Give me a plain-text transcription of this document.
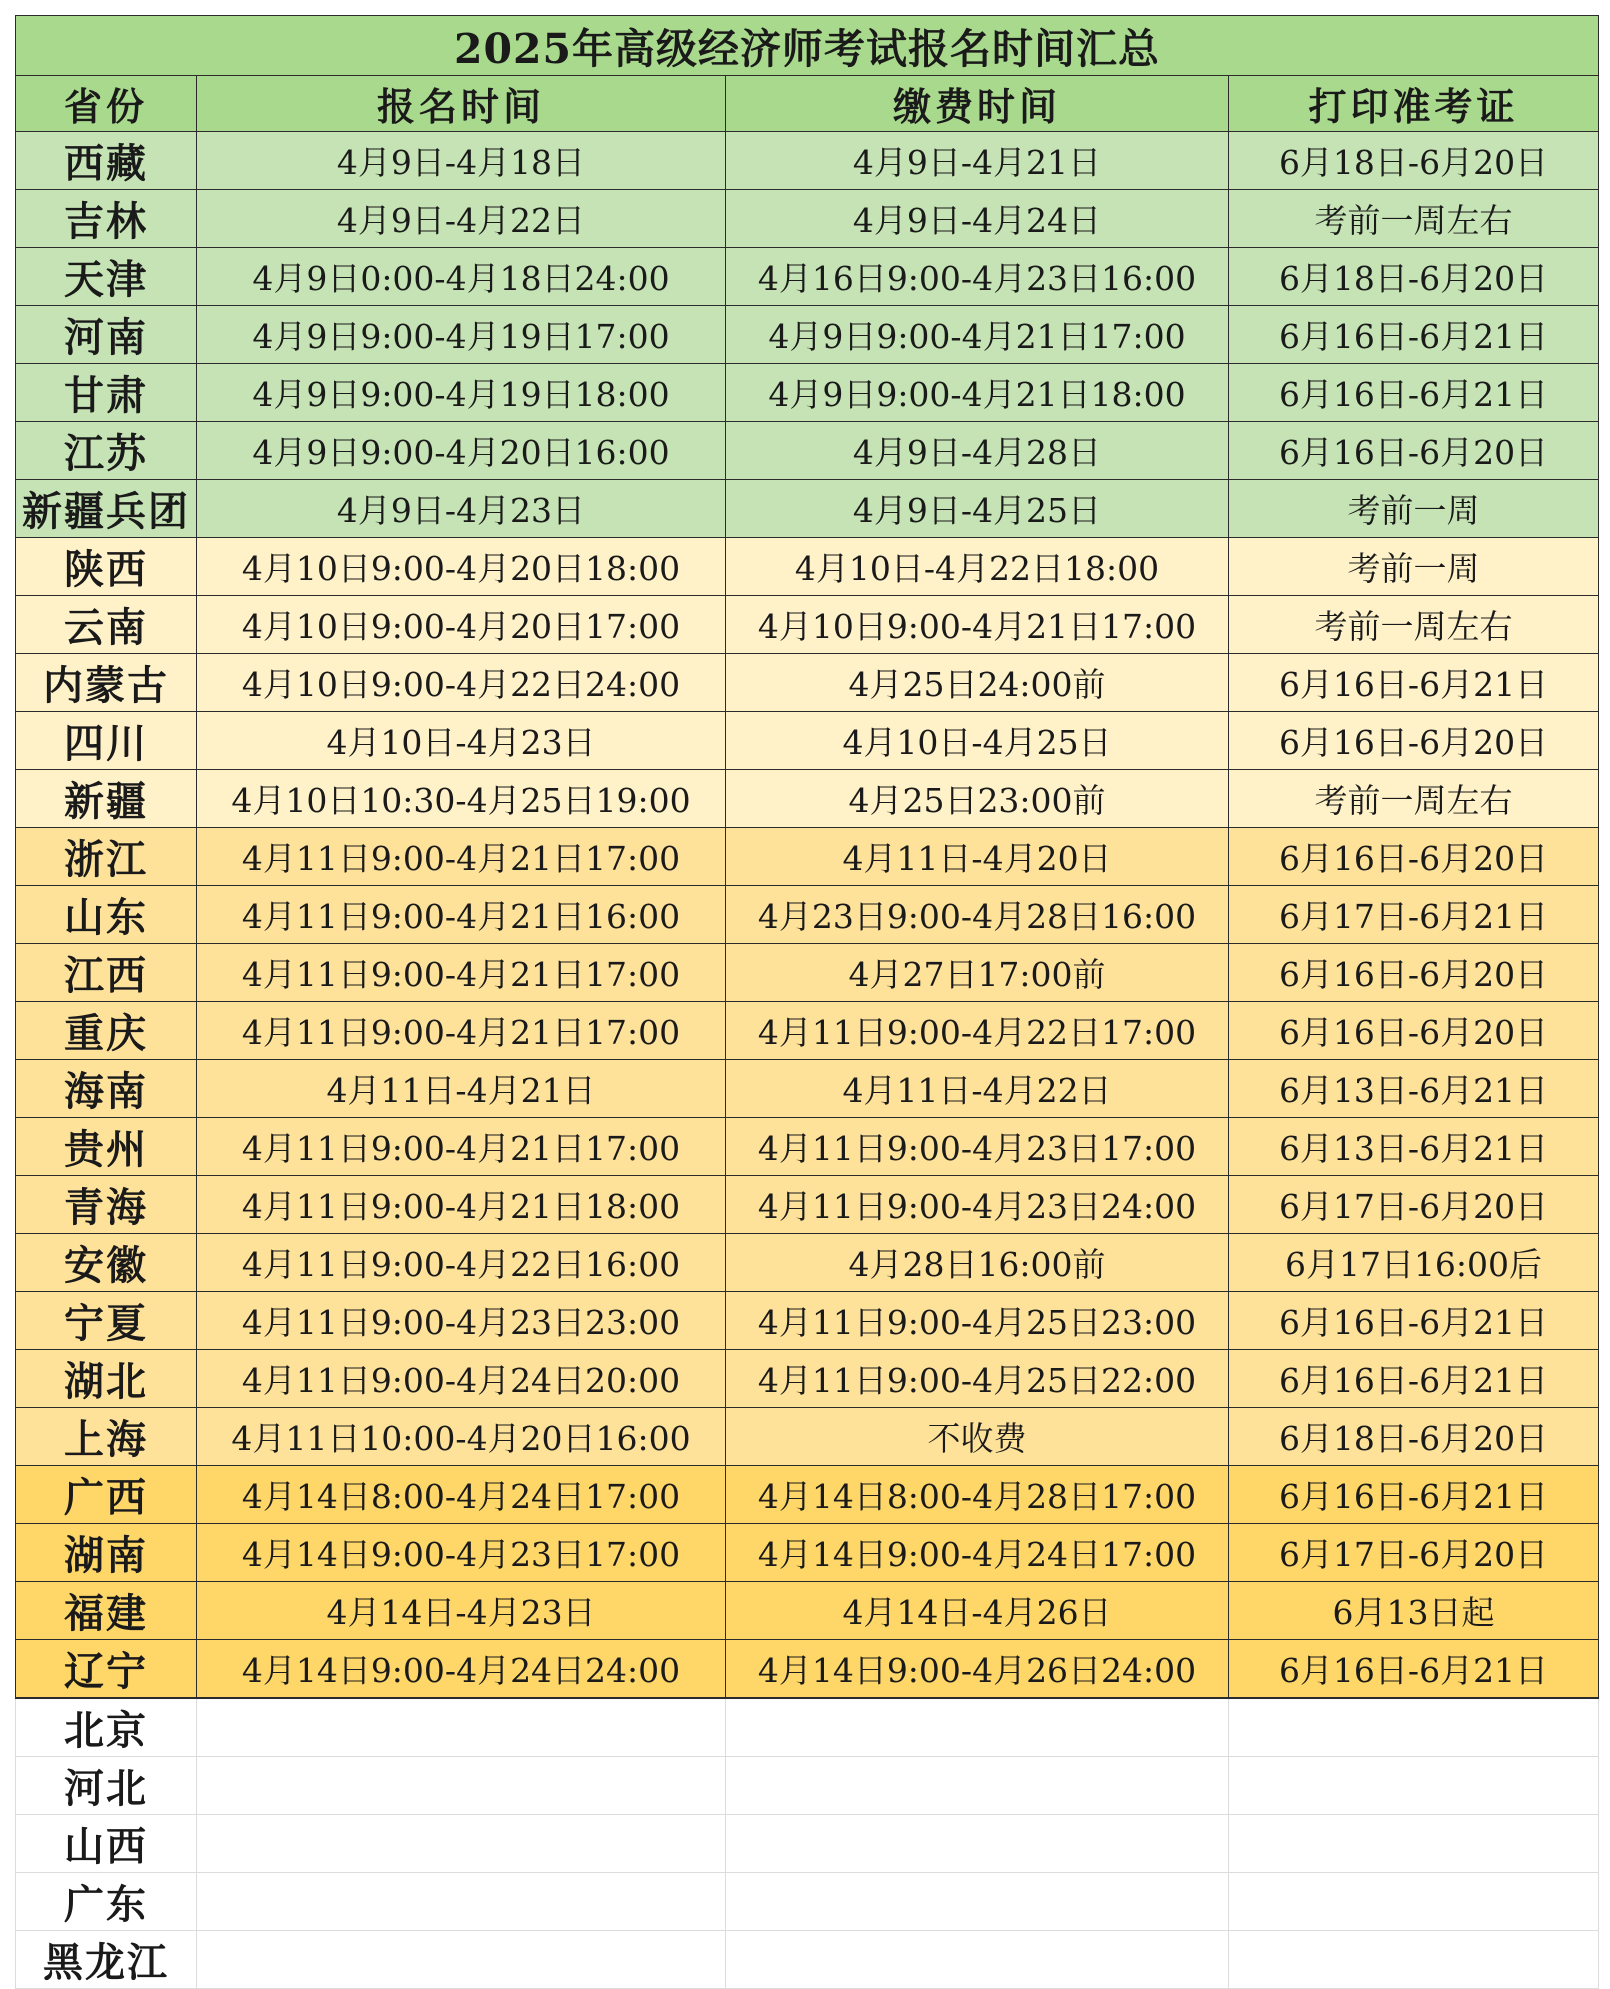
2025年高级经济师考试报名时间汇总			
省份	报名时间	缴费时间	打印准考证
西藏	4月9日-4月18日	4月9日-4月21日	6月18日-6月20日
吉林	4月9日-4月22日	4月9日-4月24日	考前一周左右
天津	4月9日0:00-4月18日24:00	4月16日9:00-4月23日16:00	6月18日-6月20日
河南	4月9日9:00-4月19日17:00	4月9日9:00-4月21日17:00	6月16日-6月21日
甘肃	4月9日9:00-4月19日18:00	4月9日9:00-4月21日18:00	6月16日-6月21日
江苏	4月9日9:00-4月20日16:00	4月9日-4月28日	6月16日-6月20日
新疆兵团	4月9日-4月23日	4月9日-4月25日	考前一周
陕西	4月10日9:00-4月20日18:00	4月10日-4月22日18:00	考前一周
云南	4月10日9:00-4月20日17:00	4月10日9:00-4月21日17:00	考前一周左右
内蒙古	4月10日9:00-4月22日24:00	4月25日24:00前	6月16日-6月21日
四川	4月10日-4月23日	4月10日-4月25日	6月16日-6月20日
新疆	4月10日10:30-4月25日19:00	4月25日23:00前	考前一周左右
浙江	4月11日9:00-4月21日17:00	4月11日-4月20日	6月16日-6月20日
山东	4月11日9:00-4月21日16:00	4月23日9:00-4月28日16:00	6月17日-6月21日
江西	4月11日9:00-4月21日17:00	4月27日17:00前	6月16日-6月20日
重庆	4月11日9:00-4月21日17:00	4月11日9:00-4月22日17:00	6月16日-6月20日
海南	4月11日-4月21日	4月11日-4月22日	6月13日-6月21日
贵州	4月11日9:00-4月21日17:00	4月11日9:00-4月23日17:00	6月13日-6月21日
青海	4月11日9:00-4月21日18:00	4月11日9:00-4月23日24:00	6月17日-6月20日
安徽	4月11日9:00-4月22日16:00	4月28日16:00前	6月17日16:00后
宁夏	4月11日9:00-4月23日23:00	4月11日9:00-4月25日23:00	6月16日-6月21日
湖北	4月11日9:00-4月24日20:00	4月11日9:00-4月25日22:00	6月16日-6月21日
上海	4月11日10:00-4月20日16:00	不收费	6月18日-6月20日
广西	4月14日8:00-4月24日17:00	4月14日8:00-4月28日17:00	6月16日-6月21日
湖南	4月14日9:00-4月23日17:00	4月14日9:00-4月24日17:00	6月17日-6月20日
福建	4月14日-4月23日	4月14日-4月26日	6月13日起
辽宁	4月14日9:00-4月24日24:00	4月14日9:00-4月26日24:00	6月16日-6月21日
北京			
河北			
山西			
广东			
黑龙江			
